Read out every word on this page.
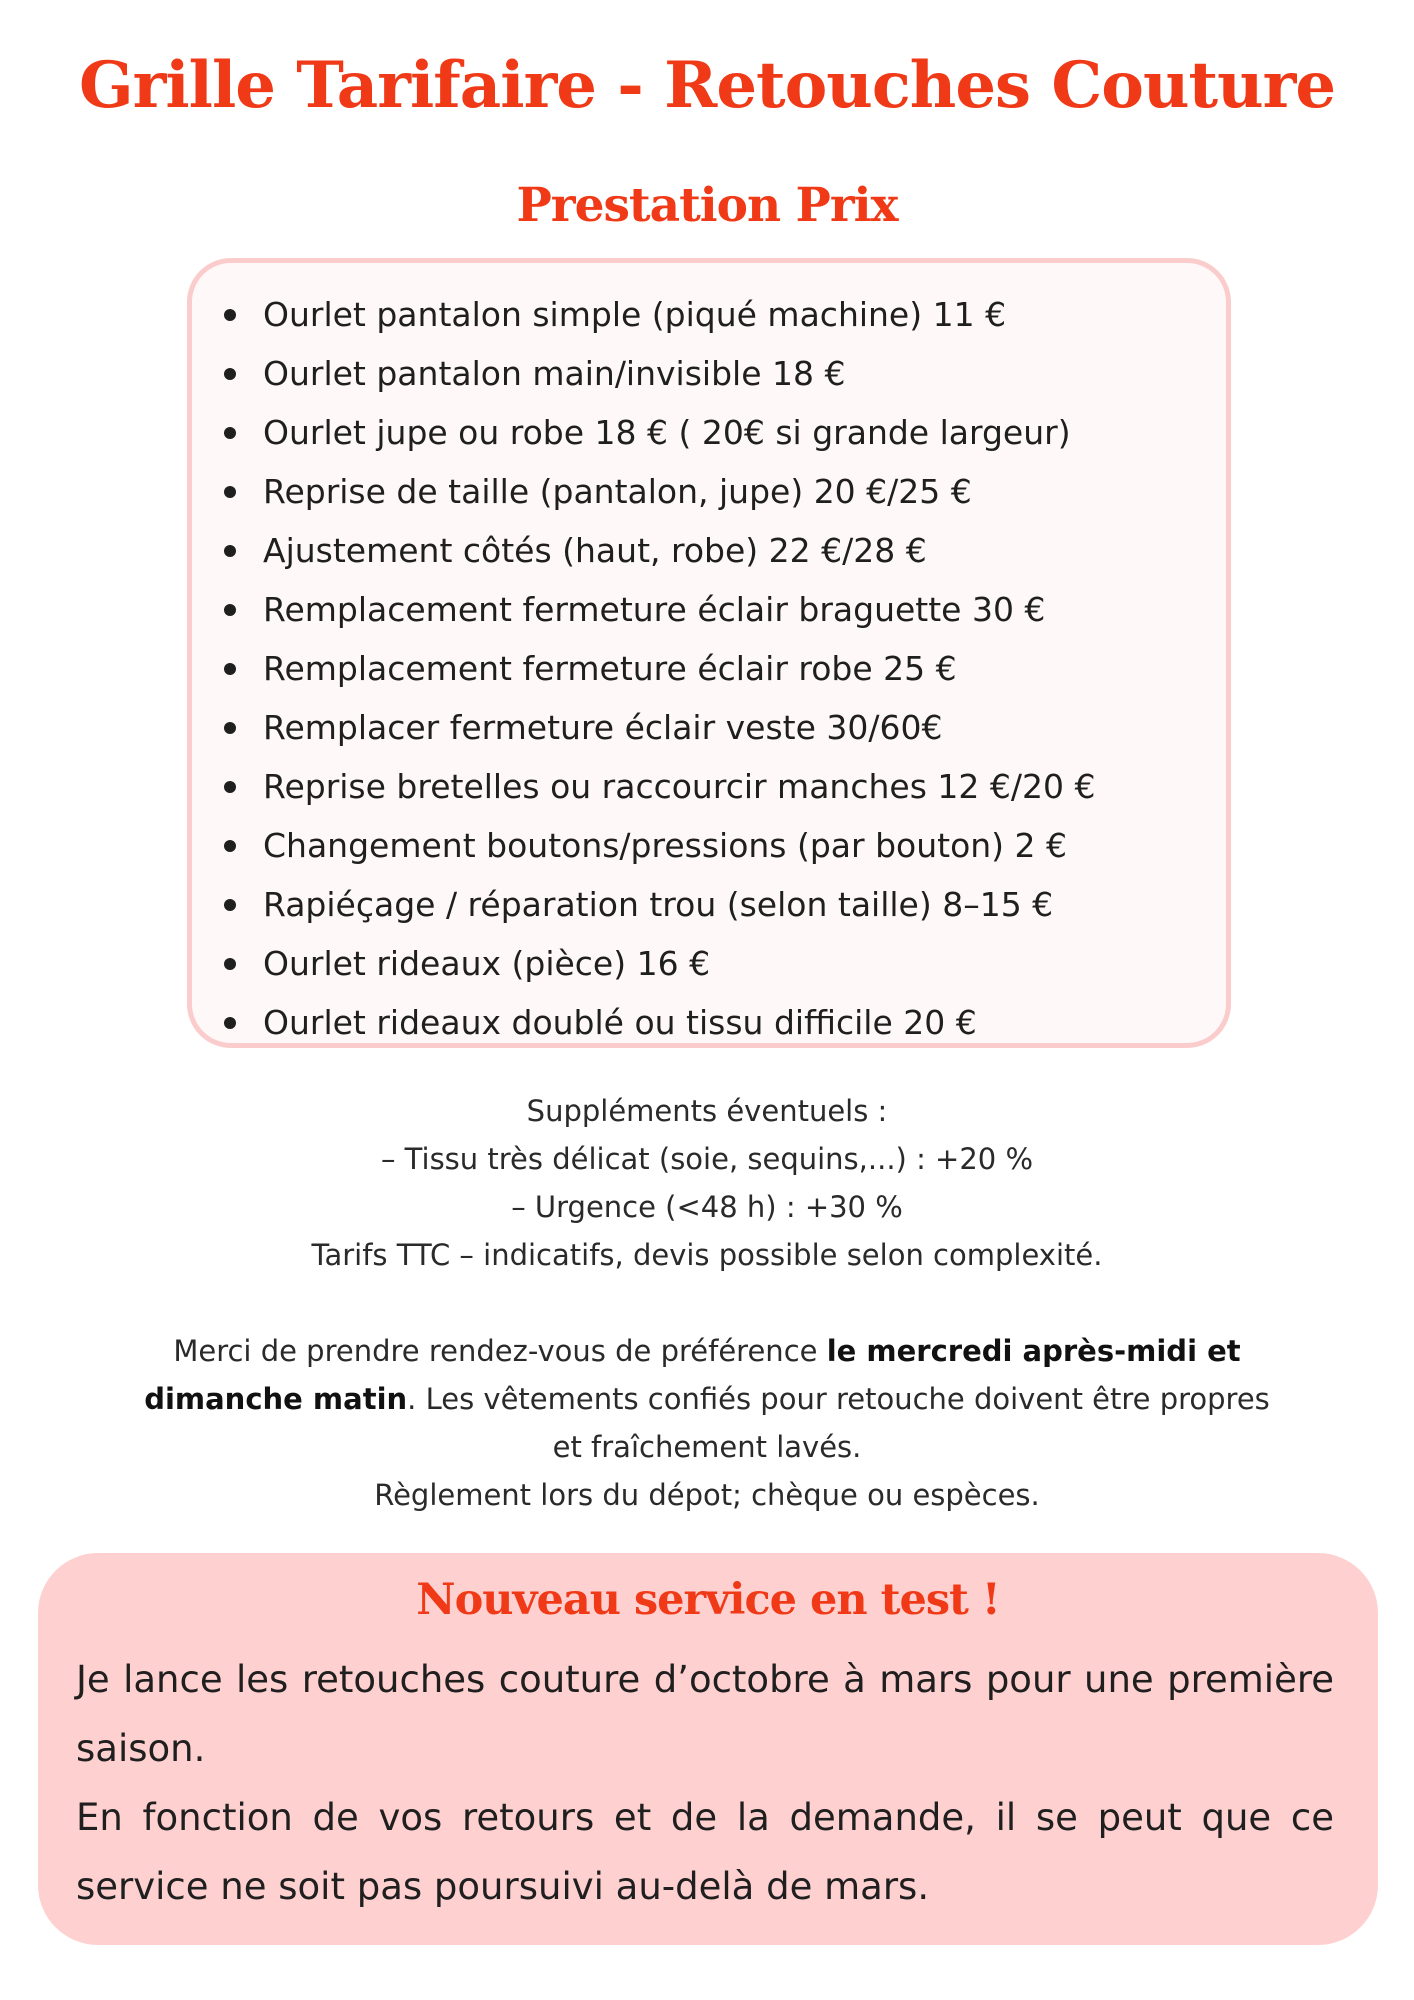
Grille Tarifaire - Retouches Couture
Prestation Prix
Ourlet pantalon simple (piqué machine) 11 €
Ourlet pantalon main/invisible 18 €
Ourlet jupe ou robe 18 € ( 20€ si grande largeur)
Reprise de taille (pantalon, jupe) 20 €/25 €
Ajustement côtés (haut, robe) 22 €/28 €
Remplacement fermeture éclair braguette 30 €
Remplacement fermeture éclair robe 25 €
Remplacer fermeture éclair veste 30/60€
Reprise bretelles ou raccourcir manches 12 €/20 €
Changement boutons/pressions (par bouton) 2 €
Rapiéçage / réparation trou (selon taille) 8–15 €
Ourlet rideaux (pièce) 16 €
Ourlet rideaux doublé ou tissu difficile 20 €
Suppléments éventuels :
– Tissu très délicat (soie, sequins,...) : +20 %
– Urgence (<48 h) : +30 %
Tarifs TTC – indicatifs, devis possible selon complexité.
Merci de prendre rendez-vous de préférence le mercredi après-midi et dimanche matin. Les vêtements confiés pour retouche doivent être propres et fraîchement lavés.
Règlement lors du dépot; chèque ou espèces.
Nouveau service en test !

Je lance les retouches couture d’octobre à mars pour une première saison.

En fonction de vos retours et de la demande, il se peut que ce service ne soit pas poursuivi au-delà de mars.
